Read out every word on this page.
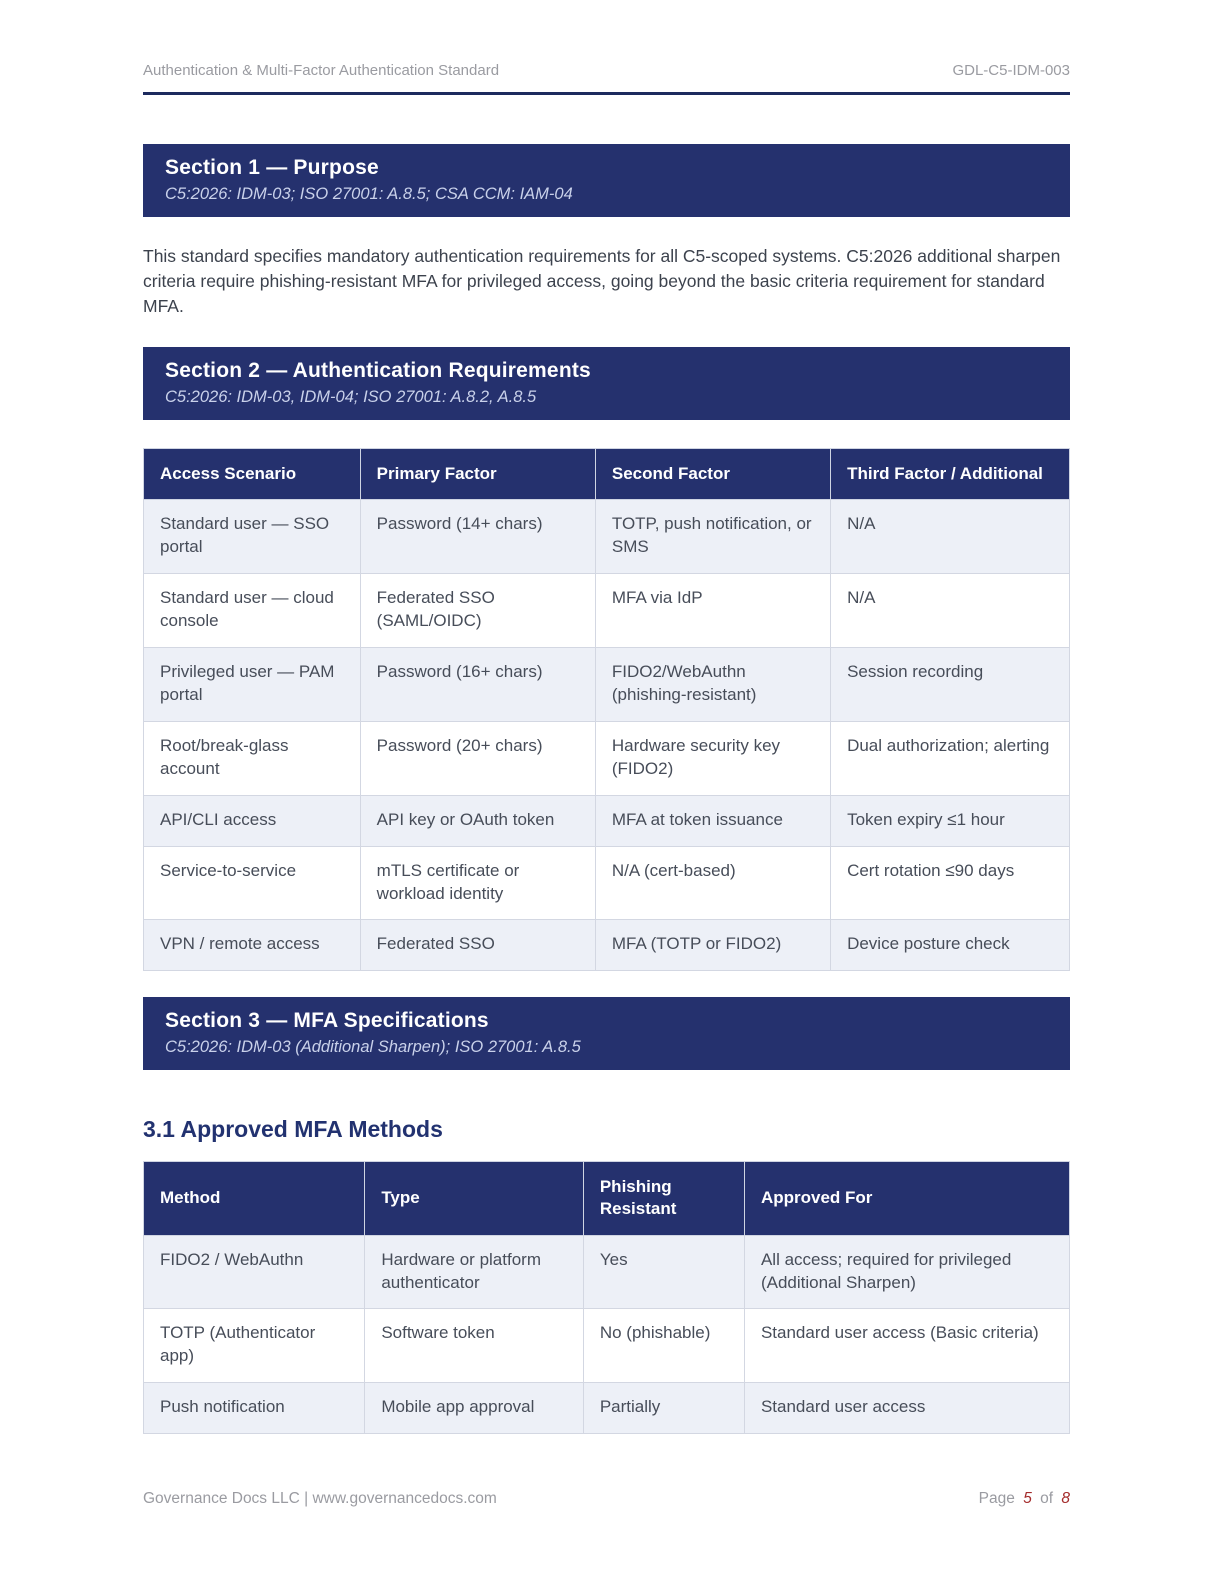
Authentication & Multi-Factor Authentication Standard	GDL-C5-IDM-003
Section 1 — Purpose
C5:2026: IDM-03; ISO 27001: A.8.5; CSA CCM: IAM-04

This standard specifies mandatory authentication requirements for all C5-scoped systems. C5:2026 additional sharpen criteria require phishing-resistant MFA for privileged access, going beyond the basic criteria requirement for standard MFA.

Section 2 — Authentication Requirements
C5:2026: IDM-03, IDM-04; ISO 27001: A.8.2, A.8.5
Access Scenario	Primary Factor	Second Factor	Third Factor / Additional
Standard user — SSO portal	Password (14+ chars)	TOTP, push notification, or SMS	N/A
Standard user — cloud console	Federated SSO (SAML/OIDC)	MFA via IdP	N/A
Privileged user — PAM portal	Password (16+ chars)	FIDO2/WebAuthn (phishing-resistant)	Session recording
Root/break-glass account	Password (20+ chars)	Hardware security key (FIDO2)	Dual authorization; alerting
API/CLI access	API key or OAuth token	MFA at token issuance	Token expiry ≤1 hour
Service-to-service	mTLS certificate or workload identity	N/A (cert-based)	Cert rotation ≤90 days
VPN / remote access	Federated SSO	MFA (TOTP or FIDO2)	Device posture check
Section 3 — MFA Specifications
C5:2026: IDM-03 (Additional Sharpen); ISO 27001: A.8.5
3.1 Approved MFA Methods
Method	Type	Phishing Resistant	Approved For
FIDO2 / WebAuthn	Hardware or platform authenticator	Yes	All access; required for privileged (Additional Sharpen)
TOTP (Authenticator app)	Software token	No (phishable)	Standard user access (Basic criteria)
Push notification	Mobile app approval	Partially	Standard user access
Governance Docs LLC | www.governancedocs.com	Page 5 of 8
